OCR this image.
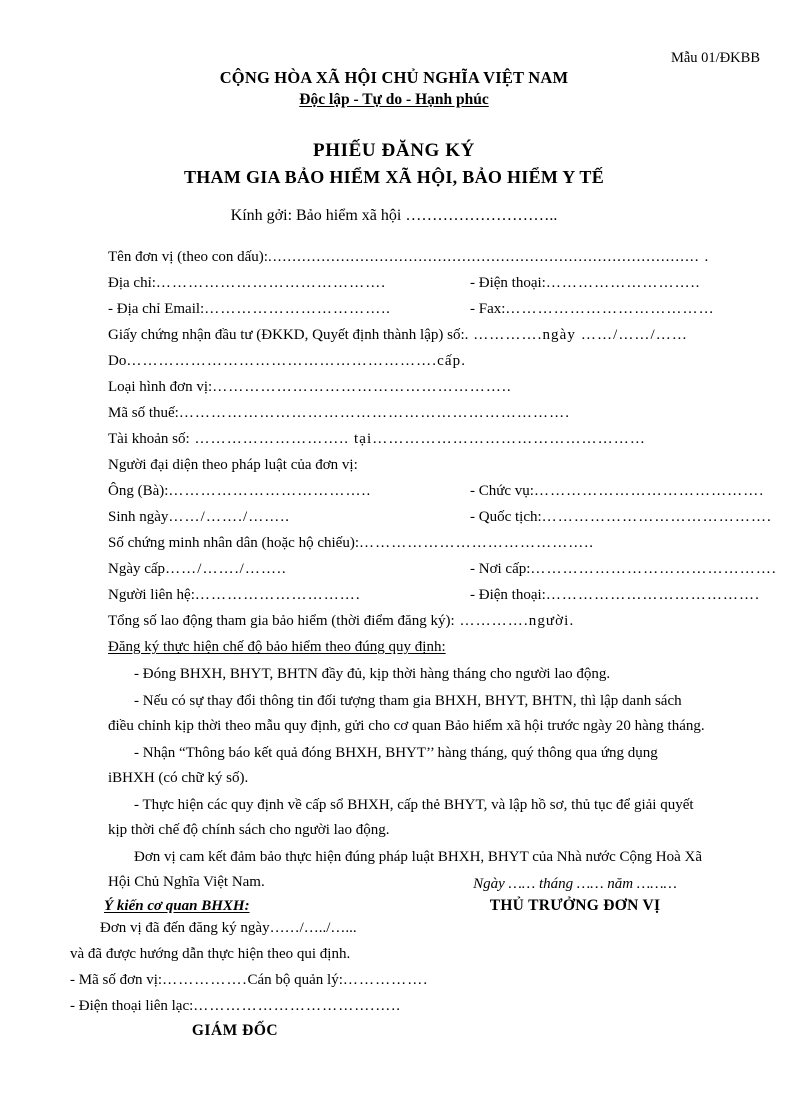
Mẫu 01/ĐKBB
CỘNG HÒA XÃ HỘI CHỦ NGHĨA VIỆT NAM
Độc lập - Tự do - Hạnh phúc
PHIẾU ĐĂNG KÝ
THAM GIA BẢO HIỂM XÃ HỘI, BẢO HIỂM Y TẾ
Kính gởi: Bảo hiểm xã hội ………………………..
Tên đơn vị (theo con dấu):......................................................................................... .
Địa chỉ:…………………………………….	- Điện thoại:………………………..
- Địa chỉ Email:……………………………..	- Fax:…………………………………
Giấy chứng nhận đầu tư (ĐKKD, Quyết định thành lập) số:. ………….ngày ……/……/……
Do………………………………………………….cấp.
Loại hình đơn vị:………………………………………………..
Mã số thuế:……………………………………………………………….
Tài khoản số: ……………………….. tại……………………………………………
Người đại diện theo pháp luật của đơn vị:
Ông (Bà):………………………………..	- Chức vụ:…………………………………….
Sinh ngày……/……./……..	- Quốc tịch:…………………………………….
Số chứng minh nhân dân (hoặc hộ chiếu):……………………………………..
Ngày cấp……/……./……..	- Nơi cấp:……………………………………….
Người liên hệ:………………………….	- Điện thoại:………………………………….
Tổng số lao động tham gia bảo hiểm (thời điểm đăng ký): ………….người.
Đăng ký thực hiện chế độ bảo hiểm theo đúng quy định:
- Đóng BHXH, BHYT, BHTN đầy đủ, kịp thời hàng tháng cho người lao động.
- Nếu có sự thay đổi thông tin đối tượng tham gia BHXH, BHYT, BHTN, thì lập danh sách điều chỉnh kịp thời theo mẫu quy định, gửi cho cơ quan Bảo hiểm xã hội trước ngày 20 hàng tháng.
- Nhận “Thông báo kết quả đóng BHXH, BHYT’’ hàng tháng, quý thông qua ứng dụng iBHXH (có chữ ký số).
- Thực hiện các quy định về cấp sổ BHXH, cấp thẻ BHYT, và lập hồ sơ, thủ tục để giải quyết kịp thời chế độ chính sách cho người lao động.
Đơn vị cam kết đảm bảo thực hiện đúng pháp luật BHXH, BHYT của Nhà nước Cộng Hoà Xã Hội Chủ Nghĩa Việt Nam.	Ngày …… tháng …… năm ………
THỦ TRƯỞNG ĐƠN VỊ
Ý kiến cơ quan BHXH:
Đơn vị đã đến đăng ký ngày……/…../…...
và đã được hướng dẫn thực hiện theo qui định.
- Mã số đơn vị:…………….Cán bộ quản lý:…………….
- Điện thoại liên lạc:…………………………….…..
GIÁM ĐỐC
